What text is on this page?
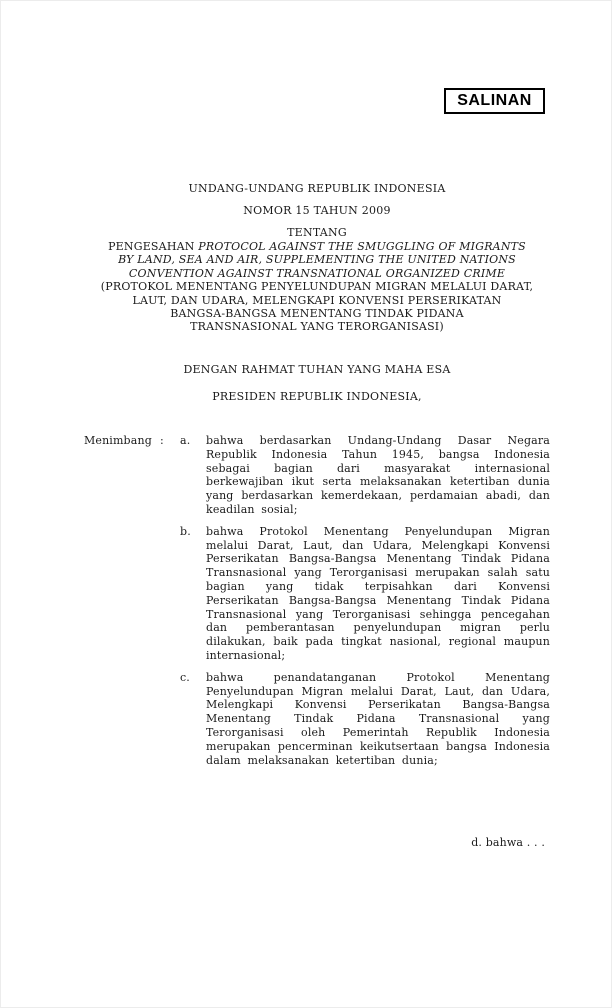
SALINAN
UNDANG-UNDANG REPUBLIK INDONESIA
NOMOR 15 TAHUN 2009
TENTANG
PENGESAHAN PROTOCOL AGAINST THE SMUGGLING OF MIGRANTS
BY LAND, SEA AND AIR, SUPPLEMENTING THE UNITED NATIONS
CONVENTION AGAINST TRANSNATIONAL ORGANIZED CRIME
(PROTOKOL MENENTANG PENYELUNDUPAN MIGRAN MELALUI DARAT,
LAUT, DAN UDARA, MELENGKAPI KONVENSI PERSERIKATAN
BANGSA-BANGSA MENENTANG TINDAK PIDANA
TRANSNASIONAL YANG TERORGANISASI)
DENGAN RAHMAT TUHAN YANG MAHA ESA
PRESIDEN REPUBLIK INDONESIA,
Menimbang :	a.	bahwa berdasarkan Undang-Undang Dasar Negara Republik Indonesia Tahun 1945, bangsa Indonesia sebagai bagian dari masyarakat internasional berkewajiban ikut serta melaksanakan ketertiban dunia yang berdasarkan kemerdekaan, perdamaian abadi, dan keadilan sosial;
b.	bahwa Protokol Menentang Penyelundupan Migran melalui Darat, Laut, dan Udara, Melengkapi Konvensi Perserikatan Bangsa-Bangsa Menentang Tindak Pidana Transnasional yang Terorganisasi merupakan salah satu bagian yang tidak terpisahkan dari Konvensi Perserikatan Bangsa-Bangsa Menentang Tindak Pidana Transnasional yang Terorganisasi sehingga pencegahan dan pemberantasan penyelundupan migran perlu dilakukan, baik pada tingkat nasional, regional maupun internasional;
c.	bahwa penandatanganan Protokol Menentang Penyelundupan Migran melalui Darat, Laut, dan Udara, Melengkapi Konvensi Perserikatan Bangsa-Bangsa Menentang Tindak Pidana Transnasional yang Terorganisasi oleh Pemerintah Republik Indonesia merupakan pencerminan keikutsertaan bangsa Indonesia dalam melaksanakan ketertiban dunia;
d. bahwa . . .
